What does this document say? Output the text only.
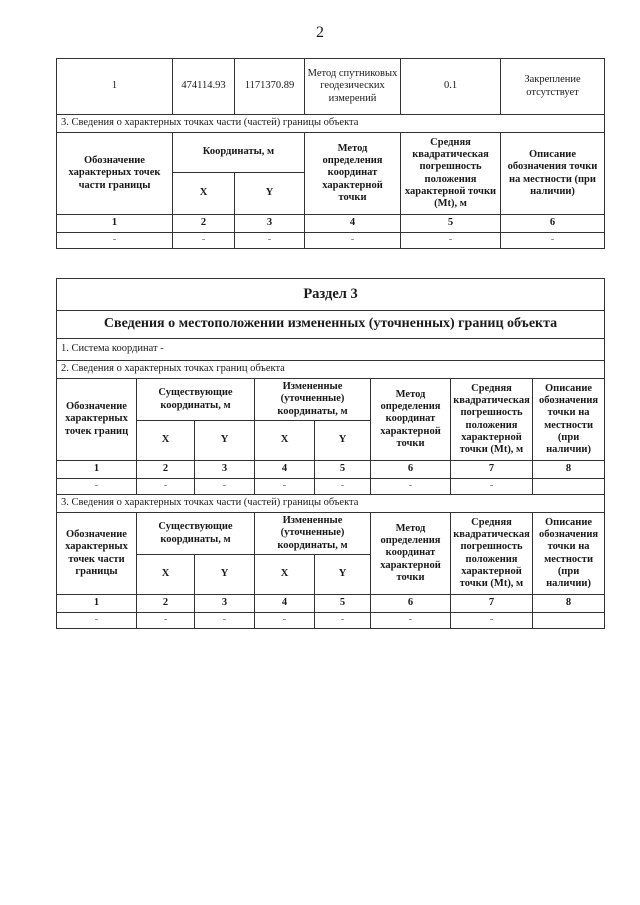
2
1	474114.93	1171370.89	Метод спутниковых геодезических измерений	0.1	Закрепление отсутствует
3. Сведения о характерных точках части (частей) границы объекта					
Обозначение характерных точек части границы	Координаты, м		Метод определения координат характерной точки	Средняя квадратическая погрешность положения характерной точки (Mt), м	Описание обозначения точки на местности (при наличии)
	X	Y			
1	2	3	4	5	6
-	-	-	-	-	-
Раздел 3							
Сведения о местоположении измененных (уточненных) границ объекта							
1. Система координат -							
2. Сведения о характерных точках границ объекта							
Обозначение характерных точек границ	Существующие координаты, м		Измененные (уточненные) координаты, м		Метод определения координат характерной точки	Средняя квадратическая погрешность положения характерной точки (Mt), м	Описание обозначения точки на местности (при наличии)
	X	Y	X	Y			
1	2	3	4	5	6	7	8
-	-	-	-	-	-	-	
3. Сведения о характерных точках части (частей) границы объекта							
Обозначение характерных точек части границы	Существующие координаты, м		Измененные (уточненные) координаты, м		Метод определения координат характерной точки	Средняя квадратическая погрешность положения характерной точки (Mt), м	Описание обозначения точки на местности (при наличии)
	X	Y	X	Y			
1	2	3	4	5	6	7	8
-	-	-	-	-	-	-	
